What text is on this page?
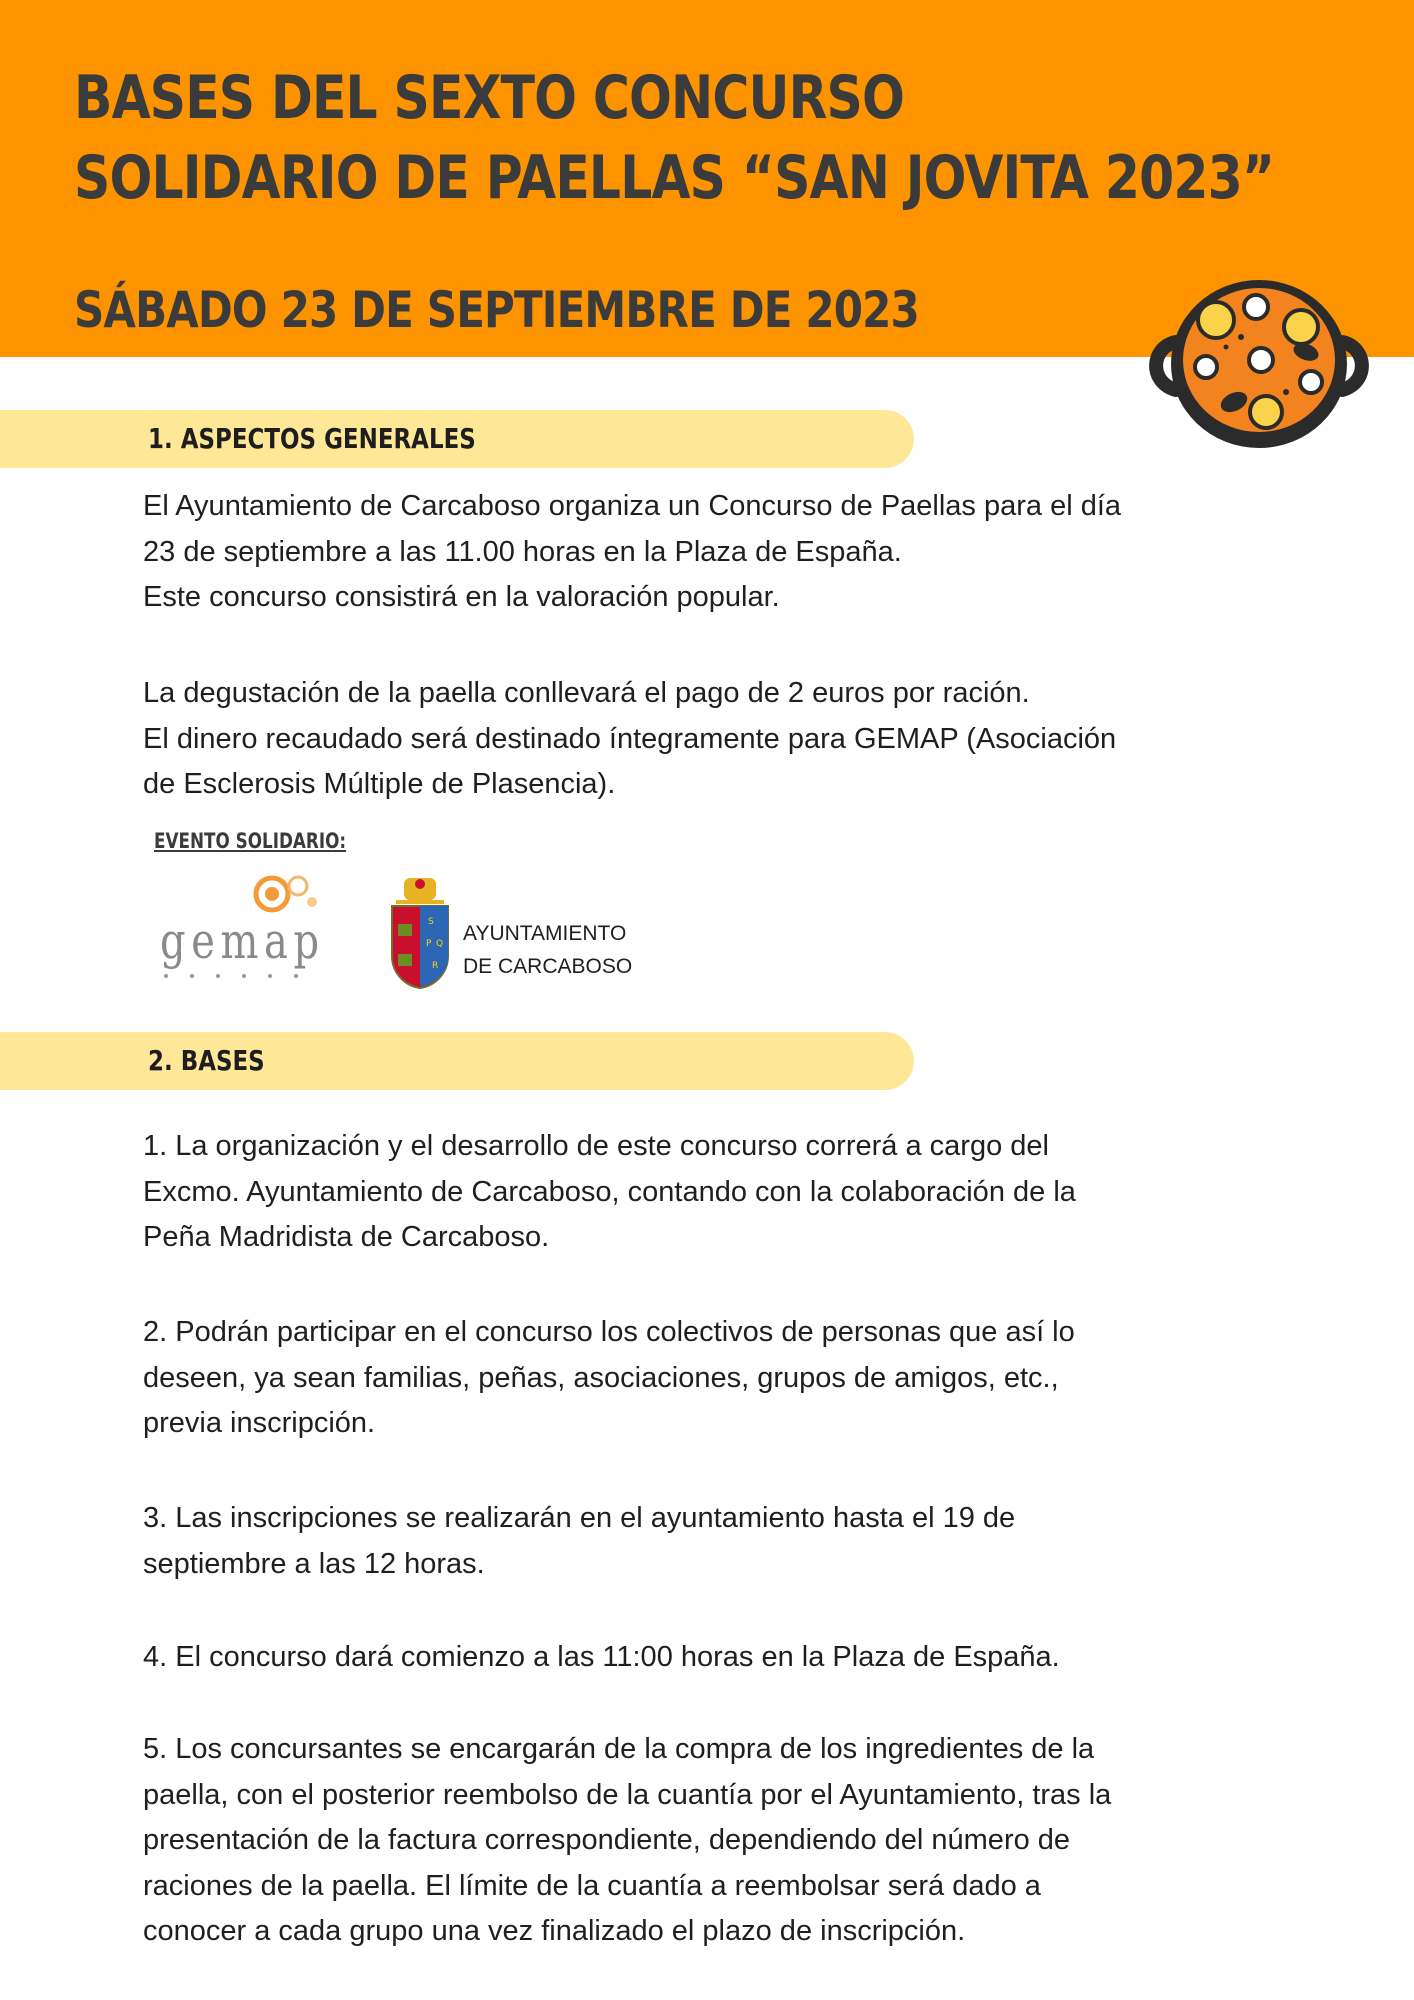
BASES DEL SEXTO CONCURSO
SOLIDARIO DE PAELLAS “SAN JOVITA 2023”
SÁBADO 23 DE SEPTIEMBRE DE 2023
1. ASPECTOS GENERALES

El Ayuntamiento de Carcaboso organiza un Concurso de Paellas para el día
23 de septiembre a las 11.00 horas en la Plaza de España.
Este concurso consistirá en la valoración popular.

La degustación de la paella conllevará el pago de 2 euros por ración.
El dinero recaudado será destinado íntegramente para GEMAP (Asociación
de Esclerosis Múltiple de Plasencia).

EVENTO SOLIDARIO:
gemap	S
P Q
R
AYUNTAMIENTO
DE CARCABOSO
2. BASES

1. La organización y el desarrollo de este concurso correrá a cargo del
Excmo. Ayuntamiento de Carcaboso, contando con la colaboración de la
Peña Madridista de Carcaboso.

2. Podrán participar en el concurso los colectivos de personas que así lo
deseen, ya sean familias, peñas, asociaciones, grupos de amigos, etc.,
previa inscripción.

3. Las inscripciones se realizarán en el ayuntamiento hasta el 19 de
septiembre a las 12 horas.

4. El concurso dará comienzo a las 11:00 horas en la Plaza de España.

5. Los concursantes se encargarán de la compra de los ingredientes de la
paella, con el posterior reembolso de la cuantía por el Ayuntamiento, tras la
presentación de la factura correspondiente, dependiendo del número de
raciones de la paella. El límite de la cuantía a reembolsar será dado a
conocer a cada grupo una vez finalizado el plazo de inscripción.
